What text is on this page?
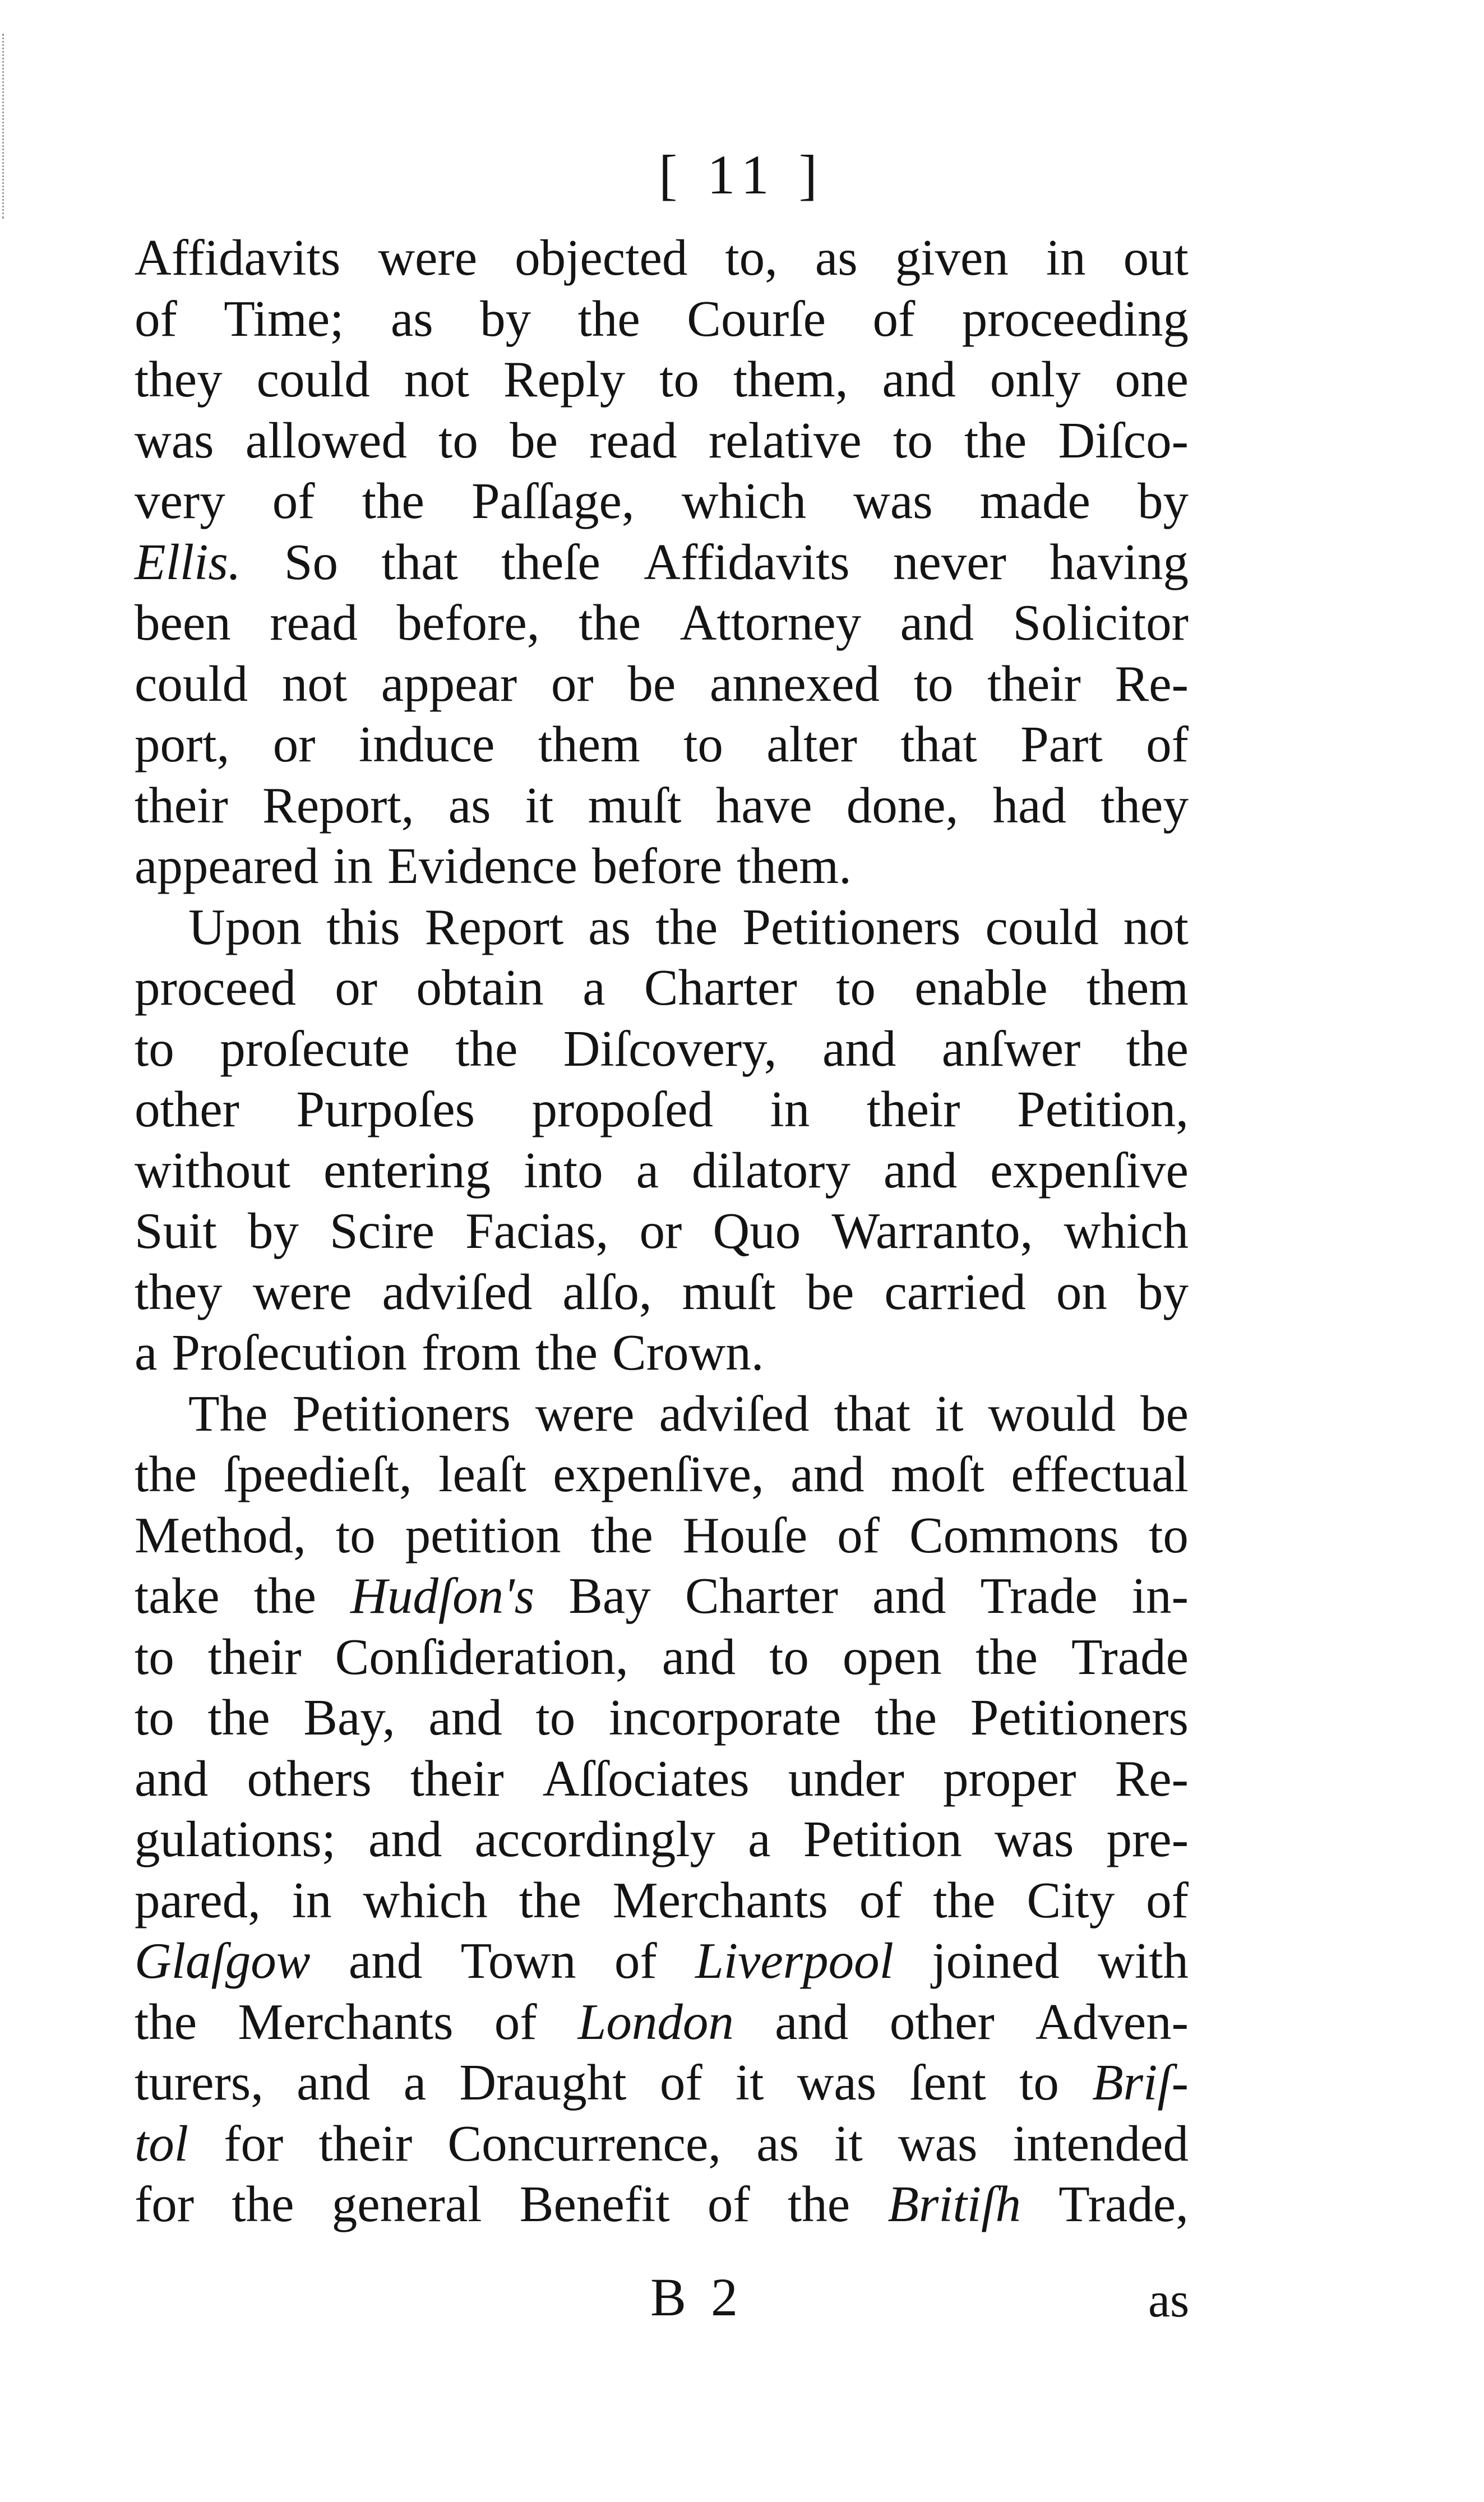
[ 11 ]
Affidavits were objected to, as given in out
of Time; as by the Courſe of proceeding
they could not Reply to them, and only one
was allowed to be read relative to the Diſco-
very of the Paſſage, which was made by
Ellis. So that theſe Affidavits never having
been read before, the Attorney and Solicitor
could not appear or be annexed to their Re-
port, or induce them to alter that Part of
their Report, as it muſt have done, had they
appeared in Evidence before them.
Upon this Report as the Petitioners could not
proceed or obtain a Charter to enable them
to proſecute the Diſcovery, and anſwer the
other Purpoſes propoſed in their Petition,
without entering into a dilatory and expenſive
Suit by Scire Facias, or Quo Warranto, which
they were adviſed alſo, muſt be carried on by
a Proſecution from the Crown.
The Petitioners were adviſed that it would be
the ſpeedieſt, leaſt expenſive, and moſt effectual
Method, to petition the Houſe of Commons to
take the Hudſon's Bay Charter and Trade in-
to their Conſideration, and to open the Trade
to the Bay, and to incorporate the Petitioners
and others their Aſſociates under proper Re-
gulations; and accordingly a Petition was pre-
pared, in which the Merchants of the City of
Glaſgow and Town of Liverpool joined with
the Merchants of London and other Adven-
turers, and a Draught of it was ſent to Briſ-
tol for their Concurrence, as it was intended
for the general Benefit of the Britiſh Trade,
B 2	as
